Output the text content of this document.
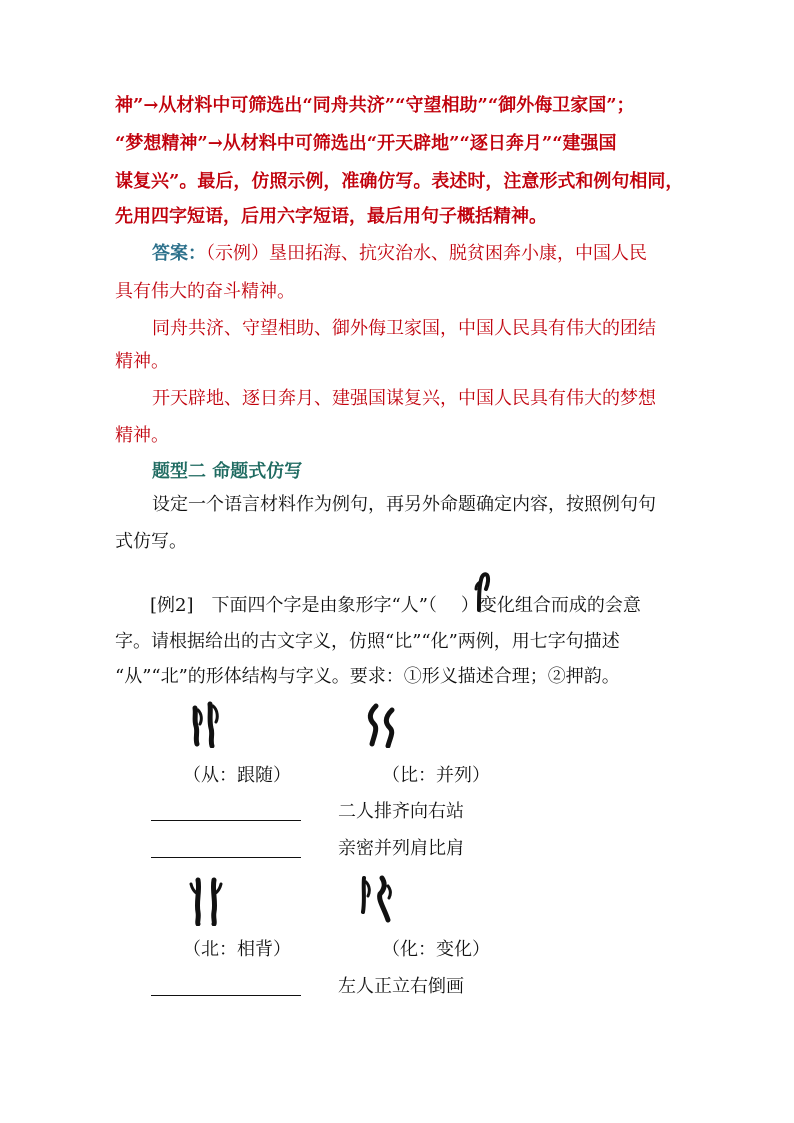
神”→从材料中可筛选出“同舟共济”“守望相助”“御外侮卫家国”；
“梦想精神”→从材料中可筛选出“开天辟地”“逐日奔月”“建强国
谋复兴”。最后，仿照示例，准确仿写。表述时，注意形式和例句相同，
先用四字短语，后用六字短语，最后用句子概括精神。
答案：（示例）垦田拓海、抗灾治水、脱贫困奔小康，中国人民
具有伟大的奋斗精神。
同舟共济、守望相助、御外侮卫家国，中国人民具有伟大的团结
精神。
开天辟地、逐日奔月、建强国谋复兴，中国人民具有伟大的梦想
精神。
题型二 命题式仿写
设定一个语言材料作为例句，再另外命题确定内容，按照例句句
式仿写。
[例2] 下面四个字是由象形字“人”（ ）变化组合而成的会意
字。请根据给出的古文字义，仿照“比”“化”两例，用七字句描述
“从”“北”的形体结构与字义。要求：①形义描述合理；②押韵。
（从：跟随）	（比：并列）
二人排齐向右站
亲密并列肩比肩
（北：相背）	（化：变化）
左人正立右倒画
